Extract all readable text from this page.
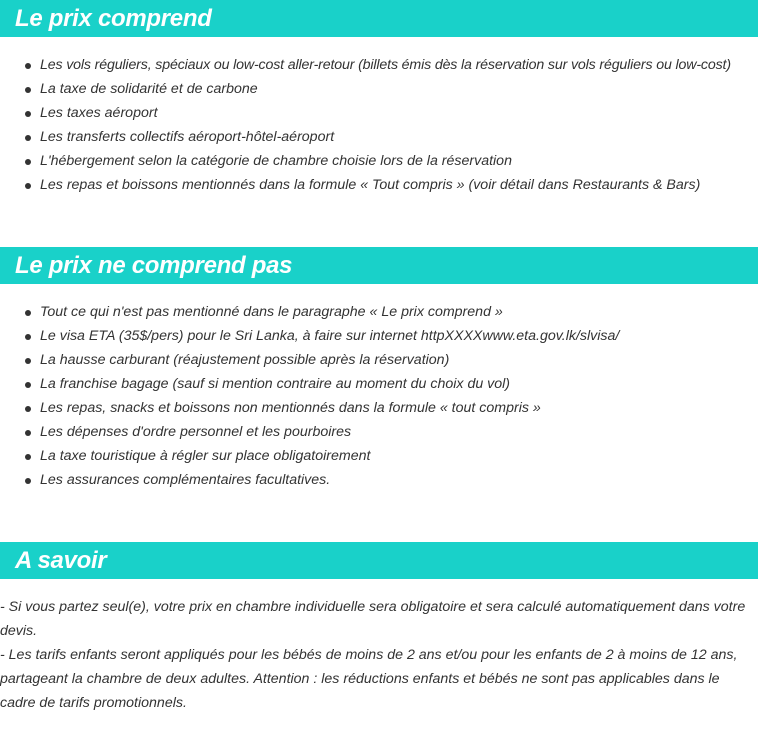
Le prix comprend
Les vols réguliers, spéciaux ou low-cost aller-retour (billets émis dès la réservation sur vols réguliers ou low-cost)
La taxe de solidarité et de carbone
Les taxes aéroport
Les transferts collectifs aéroport-hôtel-aéroport
L'hébergement selon la catégorie de chambre choisie lors de la réservation
Les repas et boissons mentionnés dans la formule « Tout compris » (voir détail dans Restaurants & Bars)
Le prix ne comprend pas
Tout ce qui n'est pas mentionné dans le paragraphe « Le prix comprend »
Le visa ETA (35$/pers) pour le Sri Lanka, à faire sur internet httpXXXXwww.eta.gov.lk/slvisa/
La hausse carburant (réajustement possible après la réservation)
La franchise bagage (sauf si mention contraire au moment du choix du vol)
Les repas, snacks et boissons non mentionnés dans la formule « tout compris »
Les dépenses d'ordre personnel et les pourboires
La taxe touristique à régler sur place obligatoirement
Les assurances complémentaires facultatives.
A savoir

- Si vous partez seul(e), votre prix en chambre individuelle sera obligatoire et sera calculé automatiquement dans votre devis.

- Les tarifs enfants seront appliqués pour les bébés de moins de 2 ans et/ou pour les enfants de 2 à moins de 12 ans, partageant la chambre de deux adultes. Attention : les réductions enfants et bébés ne sont pas applicables dans le cadre de tarifs promotionnels.
